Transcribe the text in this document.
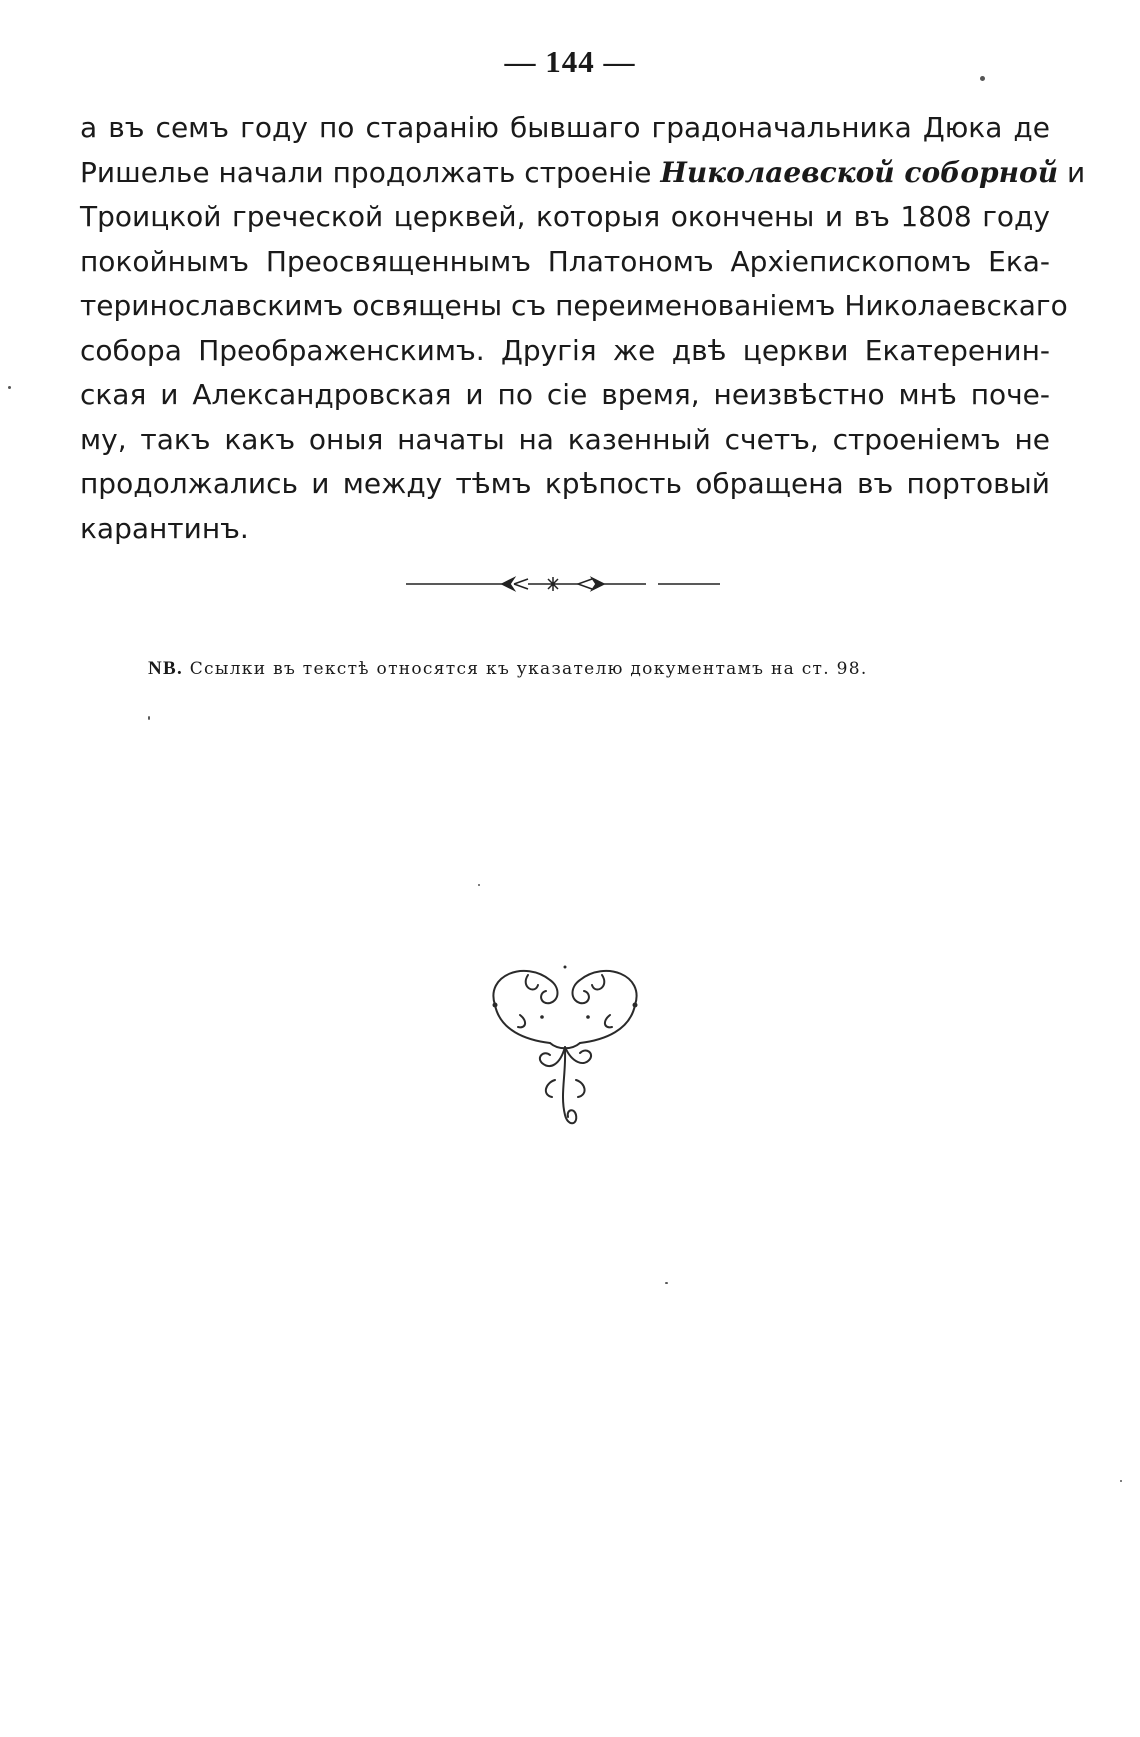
— 144 —
а въ семъ году по старанію бывшаго градоначальника Дюка де
Ришелье начали продолжать строеніе Николаевской соборной и
Троицкой греческой церквей, которыя окончены и въ 1808 году
покойнымъ Преосвященнымъ Платономъ Архіепископомъ Ека-
теринославскимъ освящены съ переименованіемъ Николаевскаго
собора Преображенскимъ. Другія же двѣ церкви Екатеренин-
ская и Александровская и по сіе время, неизвѣстно мнѣ поче-
му, такъ какъ оныя начаты на казенный счетъ, строеніемъ не
продолжались и между тѣмъ крѣпость обращена въ портовый
карантинъ.

NB. Ссылки въ текстѣ относятся къ указателю документамъ на ст. 98.
